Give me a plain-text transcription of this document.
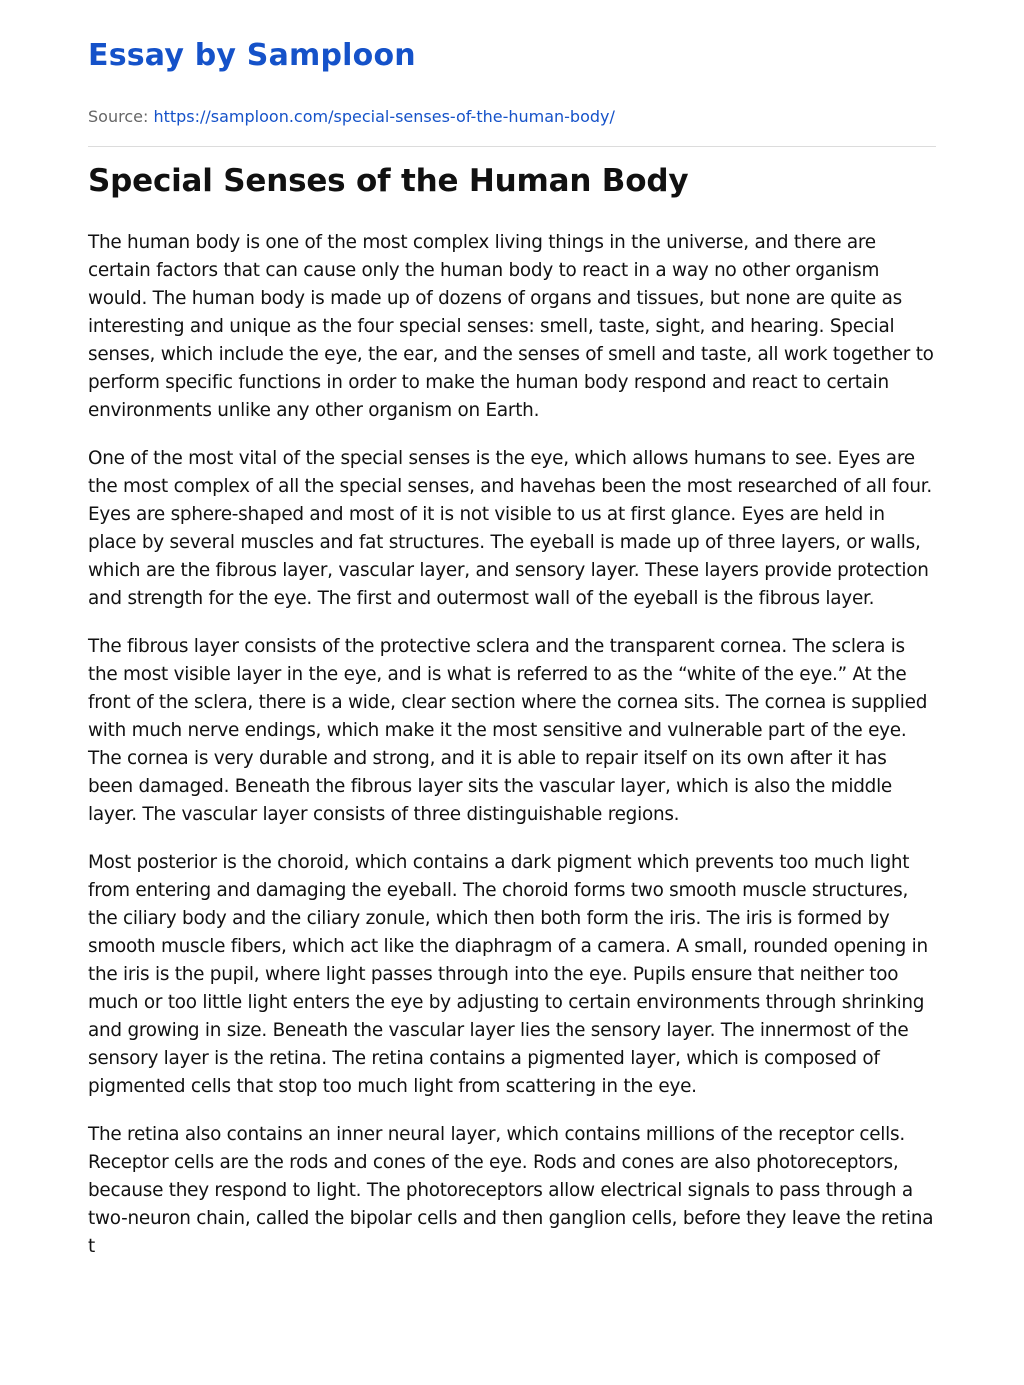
Essay by Samploon
Source: https://samploon.com/special-senses-of-the-human-body/
Special Senses of the Human Body

The human body is one of the most complex living things in the universe, and there are certain factors that can cause only the human body to react in a way no other organism would. The human body is made up of dozens of organs and tissues, but none are quite as interesting and unique as the four special senses: smell, taste, sight, and hearing. Special senses, which include the eye, the ear, and the senses of smell and taste, all work together to perform specific functions in order to make the human body respond and react to certain environments unlike any other organism on Earth.

One of the most vital of the special senses is the eye, which allows humans to see. Eyes are the most complex of all the special senses, and havehas been the most researched of all four. Eyes are sphere-shaped and most of it is not visible to us at first glance. Eyes are held in place by several muscles and fat structures. The eyeball is made up of three layers, or walls, which are the fibrous layer, vascular layer, and sensory layer. These layers provide protection and strength for the eye. The first and outermost wall of the eyeball is the fibrous layer.

The fibrous layer consists of the protective sclera and the transparent cornea. The sclera is the most visible layer in the eye, and is what is referred to as the “white of the eye.” At the front of the sclera, there is a wide, clear section where the cornea sits. The cornea is supplied with much nerve endings, which make it the most sensitive and vulnerable part of the eye. The cornea is very durable and strong, and it is able to repair itself on its own after it has been damaged. Beneath the fibrous layer sits the vascular layer, which is also the middle layer. The vascular layer consists of three distinguishable regions.

Most posterior is the choroid, which contains a dark pigment which prevents too much light from entering and damaging the eyeball. The choroid forms two smooth muscle structures, the ciliary body and the ciliary zonule, which then both form the iris. The iris is formed by smooth muscle fibers, which act like the diaphragm of a camera. A small, rounded opening in the iris is the pupil, where light passes through into the eye. Pupils ensure that neither too much or too little light enters the eye by adjusting to certain environments through shrinking and growing in size. Beneath the vascular layer lies the sensory layer. The innermost of the sensory layer is the retina. The retina contains a pigmented layer, which is composed of pigmented cells that stop too much light from scattering in the eye.

The retina also contains an inner neural layer, which contains millions of the receptor cells. Receptor cells are the rods and cones of the eye. Rods and cones are also photoreceptors, because they respond to light. The photoreceptors allow electrical signals to pass through a two-neuron chain, called the bipolar cells and then ganglion cells, before they leave the retina t
